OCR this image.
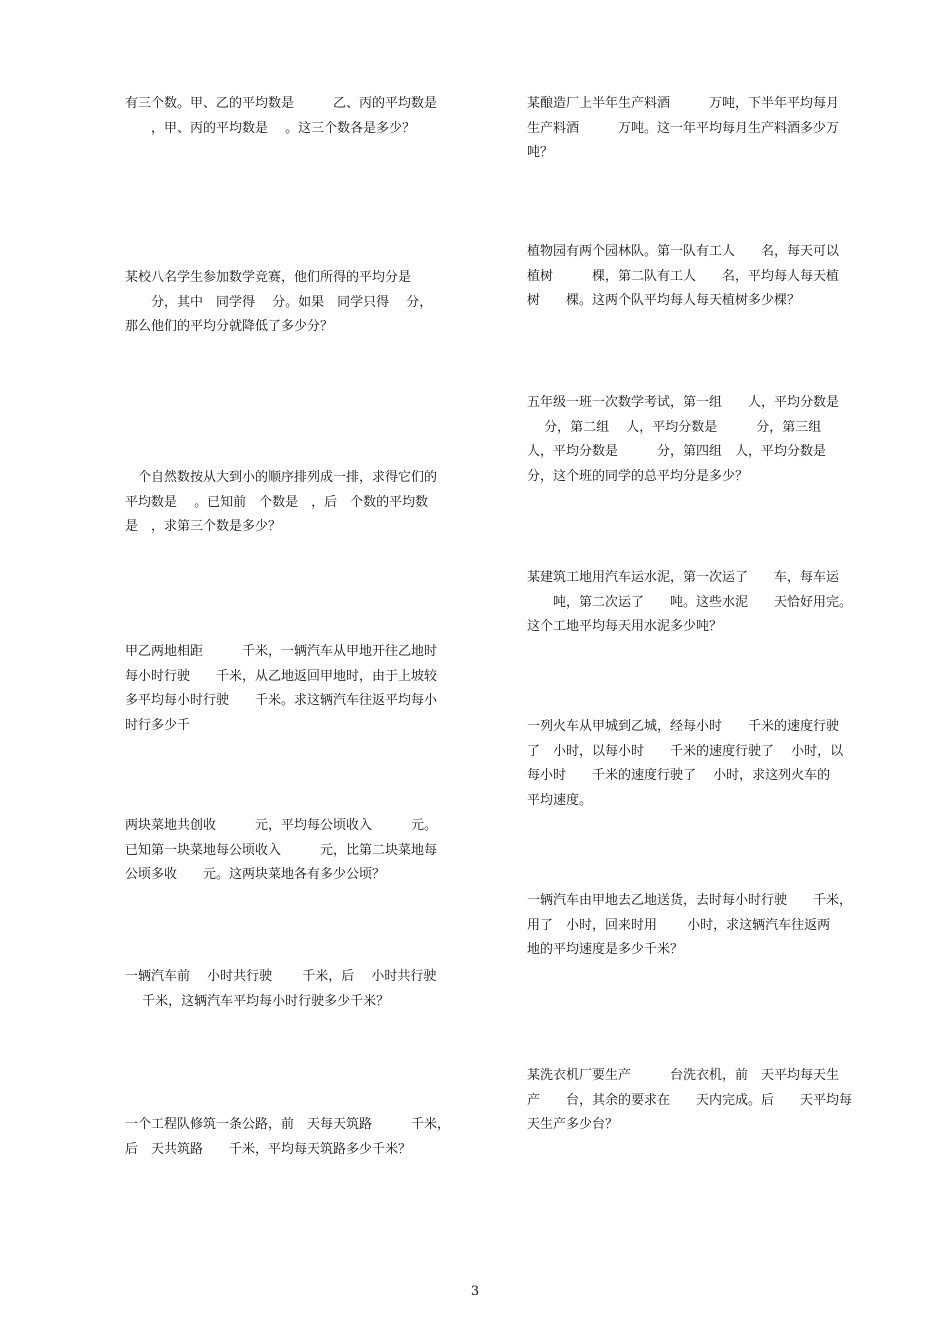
有三个数。甲、乙的平均数是　　　乙、丙的平均数是
　　，甲、丙的平均数是　 。这三个数各是多少？

某校八名学生参加数学竞赛，他们所得的平均分是
　　分，其中　同学得　 分。如果　同学只得　 分，
那么他们的平均分就降低了多少分？

　个自然数按从大到小的顺序排列成一排，求得它们的
平均数是　 。已知前　个数是　，后　个数的平均数
是　，求第三个数是多少？

甲乙两地相距　　　千米，一辆汽车从甲地开往乙地时
每小时行驶　　千米，从乙地返回甲地时，由于上坡较
多平均每小时行驶　　千米。求这辆汽车往返平均每小
时行多少千

两块菜地共创收　　　元，平均每公顷收入　　　元。
已知第一块菜地每公顷收入　　　元，比第二块菜地每
公顷多收　　元。这两块菜地各有多少公顷？

一辆汽车前　 小时共行驶　　 千米，后　 小时共行驶
　 千米，这辆汽车平均每小时行驶多少千米？

一个工程队修筑一条公路，前　天每天筑路　　　千米，
后　天共筑路　　千米，平均每天筑路多少千米？

某酿造厂上半年生产料酒　　　万吨，下半年平均每月
生产料酒　　　万吨。这一年平均每月生产料酒多少万
吨？

植物园有两个园林队。第一队有工人　　名，每天可以
植树　　　棵，第二队有工人　　名，平均每人每天植
树　　棵。这两个队平均每人每天植树多少棵？

五年级一班一次数学考试，第一组　　人，平均分数是
　 分，第二组　 人，平均分数是　　　分，第三组
人，平均分数是　　　分，第四组　人，平均分数是
分，这个班的同学的总平均分是多少？

某建筑工地用汽车运水泥，第一次运了　　车，每车运
　　吨，第二次运了　　吨。这些水泥　　天恰好用完。
这个工地平均每天用水泥多少吨？

一列火车从甲城到乙城，经每小时　　千米的速度行驶
了　小时，以每小时　　千米的速度行驶了　 小时，以
每小时　　千米的速度行驶了　 小时，求这列火车的
平均速度。

一辆汽车由甲地去乙地送货，去时每小时行驶　　千米，
用了　小时，回来时用　　 小时，求这辆汽车往返两
地的平均速度是多少千米？

某洗衣机厂要生产　　　台洗衣机，前　天平均每天生
产　　台，其余的要求在　　天内完成。后　　天平均每
天生产多少台？

3
